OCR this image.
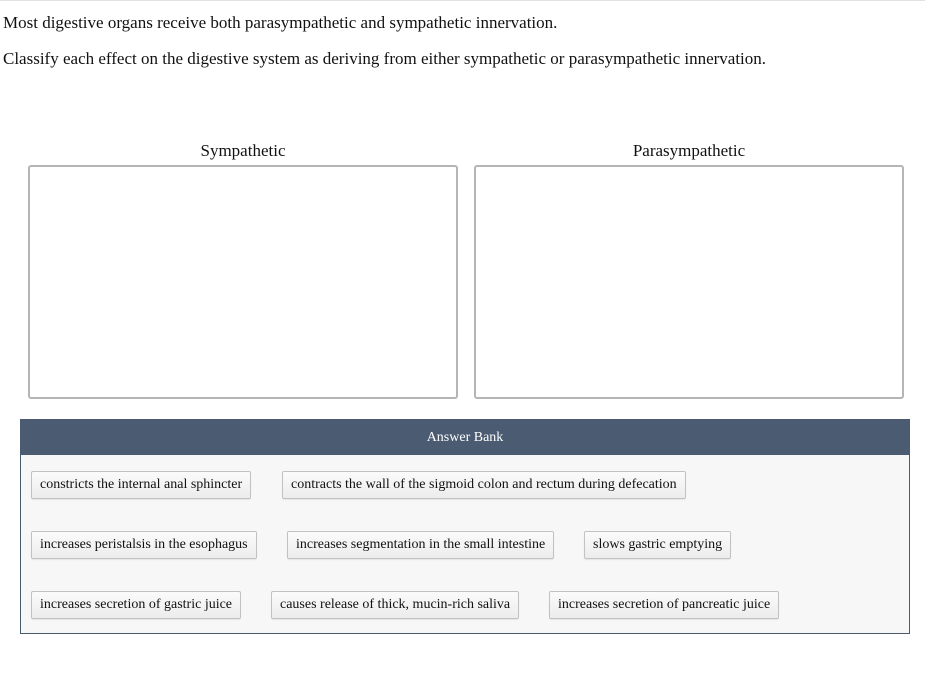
Most digestive organs receive both parasympathetic and sympathetic innervation.
Classify each effect on the digestive system as deriving from either sympathetic or parasympathetic innervation.
Sympathetic	Parasympathetic
Answer Bank
constricts the internal anal sphincter	contracts the wall of the sigmoid colon and rectum during defecation
increases peristalsis in the esophagus	increases segmentation in the small intestine	slows gastric emptying
increases secretion of gastric juice	causes release of thick, mucin-rich saliva	increases secretion of pancreatic juice
